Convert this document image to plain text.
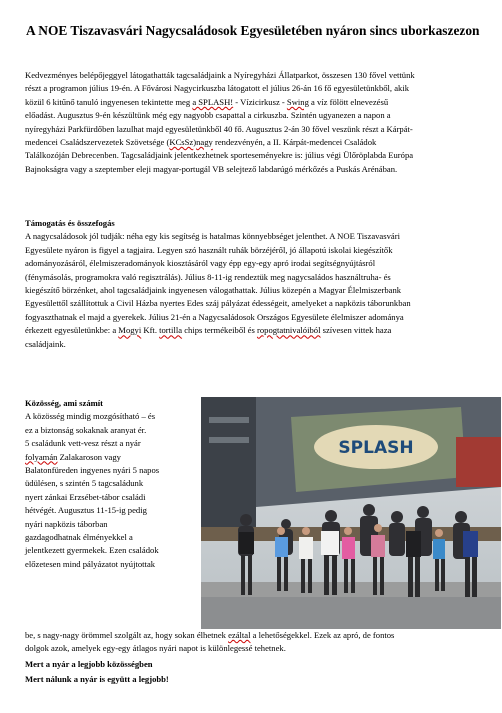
A NOE Tiszavasvári Nagycsaládosok Egyesületében nyáron sincs uborkaszezon

Kedvezményes belépőjeggyel látogathatták tagcsaládjaink a Nyíregyházi Állatparkot, összesen 130 fővel vettünk

részt a programon július 19-én. A Fővárosi Nagycirkuszba látogatott el július 26-án 16 fő egyesületünkből, akik

közül 6 kitűnő tanuló ingyenesen tekintette meg a SPLASH! - Vízicirkusz - Swing a víz fölött elnevezésű

előadást. Augusztus 9-én készültünk még egy nagyobb csapattal a cirkuszba. Szintén ugyanezen a napon a

nyíregyházi Parkfürdőben lazulhat majd egyesületünkből 40 fő. Augusztus 2-án 30 fővel veszünk részt a Kárpát-

medencei Családszervezetek Szövetsége (KCsSz)nagy rendezvényén, a II. Kárpát-medencei Családok

Találkozóján Debrecenben. Tagcsaládjaink jelentkezhetnek sporteseményekre is: július végi Ülőröplabda Európa

Bajnokságra vagy a szeptember eleji magyar-portugál VB selejtező labdarúgó mérkőzés a Puskás Arénában.

Támogatás és összefogás

A nagycsaládosok jól tudják: néha egy kis segítség is hatalmas könnyebbséget jelenthet. A NOE Tiszavasvári

Egyesülete nyáron is figyel a tagjaira. Legyen szó használt ruhák börzéjéről, jó állapotú iskolai kiegészítők

adományozásáról, élelmiszeradományok kiosztásáról vagy épp egy-egy apró irodai segítségnyújtásról

(fénymásolás, programokra való regisztrálás). Július 8-11-ig rendeztük meg nagycsaládos használtruha- és

kiegészítő börzénket, ahol tagcsaládjaink ingyenesen válogathattak. Július közepén a Magyar Élelmiszerbank

Egyesülettől szállítottuk a Civil Házba nyertes Edes száj pályázat édességeit, amelyeket a napközis táborunkban

fogyaszthatnak el majd a gyerekek. Július 21-én a Nagycsaládosok Országos Egyesülete élelmiszer adománya

érkezett egyesületünkbe: a Mogyi Kft. tortilla chips termékeiből és ropogtatnivalóiból szívesen vittek haza

családjaink.

Közösség, ami számít

A közösség mindig mozgósítható – és

ez a biztonság sokaknak aranyat ér.

5 családunk vett-vesz részt a nyár

folyamán Zalakaroson vagy

Balatonfüreden ingyenes nyári 5 napos

üdülésen, s szintén 5 tagcsaládunk

nyert zánkai Erzsébet-tábor családi

hétvégét. Augusztus 11-15-ig pedig

nyári napközis táborban

gazdagodhatnak élményekkel a

jelentkezett gyermekek. Ezen családok

előzetesen mind pályázatot nyújtottak

SPLASH

be, s nagy-nagy örömmel szolgált az, hogy sokan élhetnek ezáltal a lehetőségekkel. Ezek az apró, de fontos

dolgok azok, amelyek egy-egy átlagos nyári napot is különlegessé tehetnek.

Mert a nyár a legjobb közösségben

Mert nálunk a nyár is együtt a legjobb!
